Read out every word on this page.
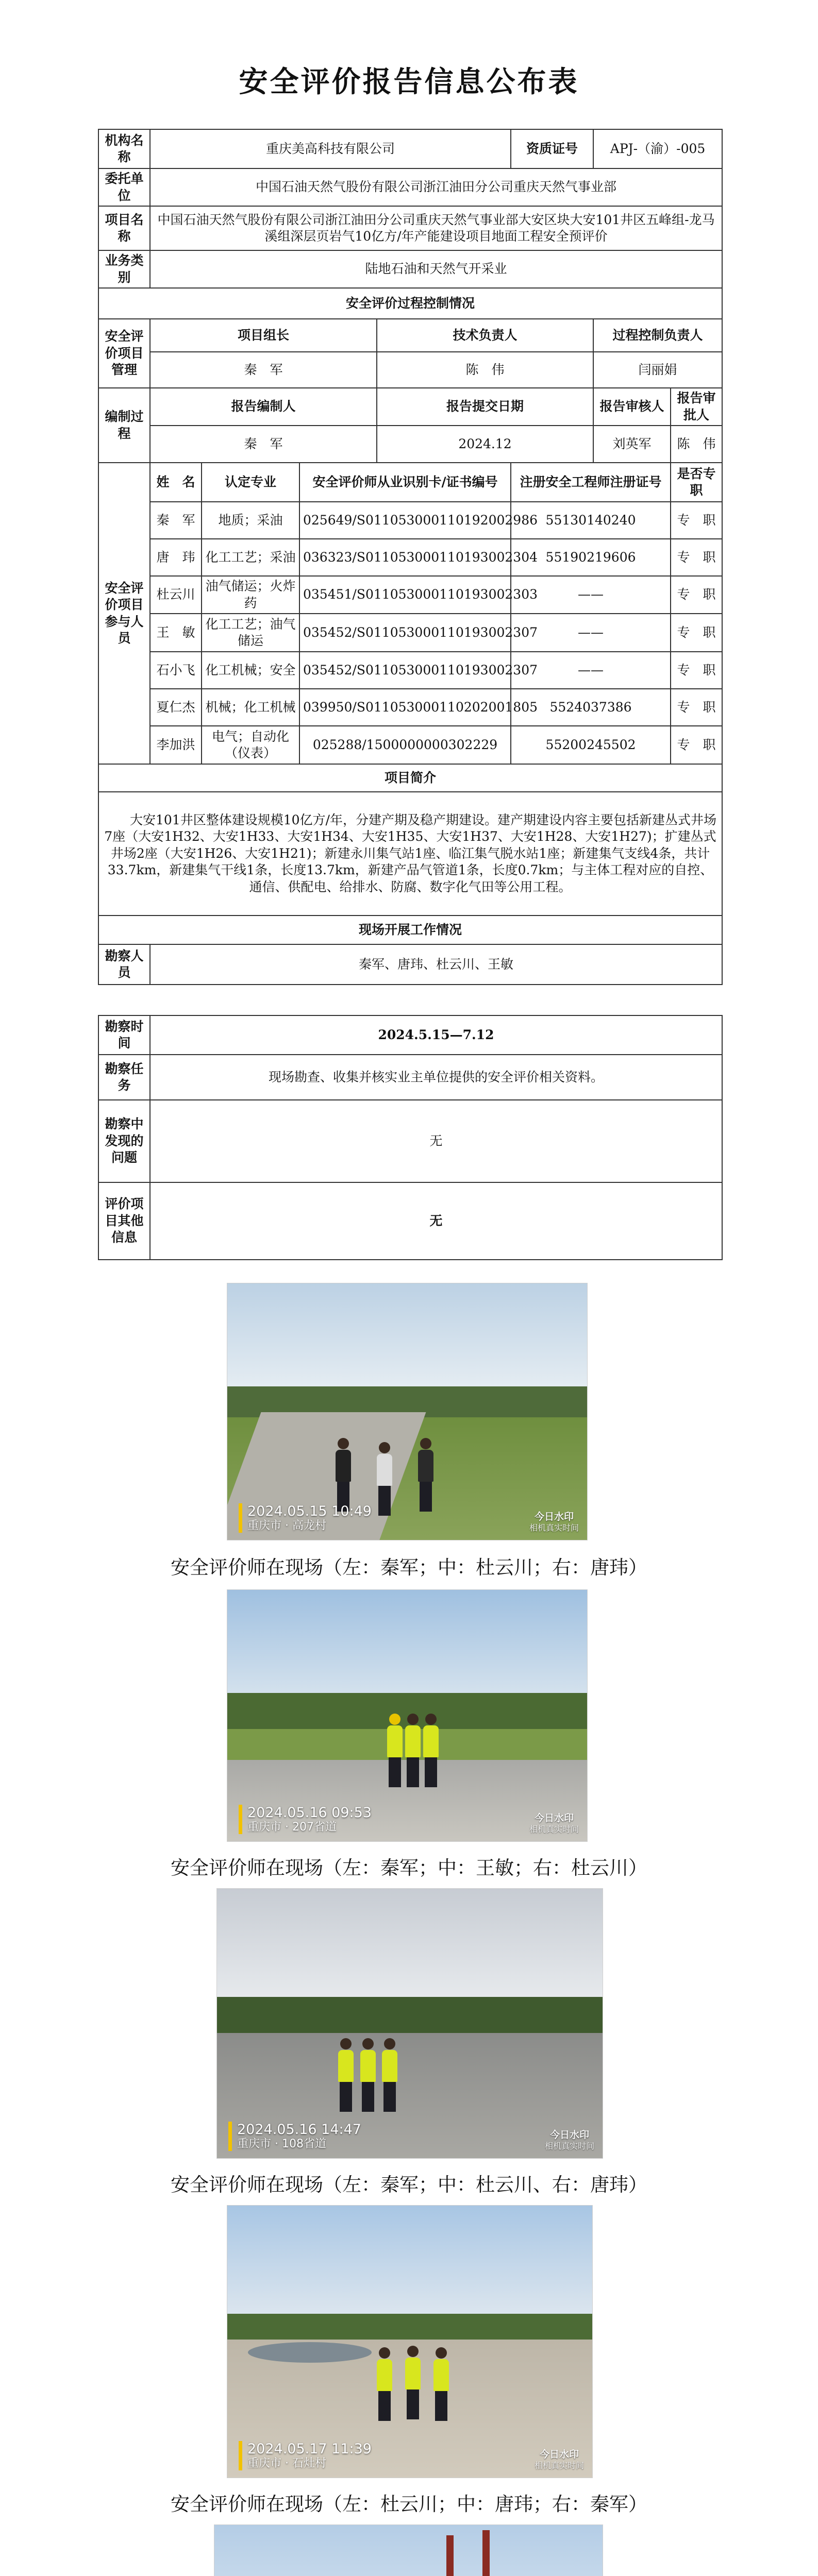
安全评价报告信息公布表
机构名称	重庆美高科技有限公司				资质证号	APJ-（渝）-005	
委托单位	中国石油天然气股份有限公司浙江油田分公司重庆天然气事业部						
项目名称	中国石油天然气股份有限公司浙江油田分公司重庆天然气事业部大安区块大安101井区五峰组-龙马溪组深层页岩气10亿方/年产能建设项目地面工程安全预评价						
业务类别	陆地石油和天然气开采业						
安全评价过程控制情况							
安全评价项目管理	项目组长			技术负责人		过程控制负责人	
	秦　军			陈　伟		闫丽娟	
编制过程	报告编制人			报告提交日期		报告审核人	报告审批人
	秦　军			2024.12		刘英军	陈　伟
安全评价项目参与人员	姓　名	认定专业	安全评价师从业识别卡/证书编号		注册安全工程师注册证号		是否专职
	秦　军	地质；采油	025649/S011053000110192002986		55130140240		专　职
	唐　玮	化工工艺；采油	036323/S011053000110193002304		55190219606		专　职
	杜云川	油气储运；火炸药	035451/S011053000110193002303		——		专　职
	王　敏	化工工艺；油气储运	035452/S011053000110193002307		——		专　职
	石小飞	化工机械；安全	035452/S011053000110193002307		——		专　职
	夏仁杰	机械；化工机械	039950/S011053000110202001805		5524037386		专　职
	李加洪	电气；自动化（仪表）	025288/1500000000302229		55200245502		专　职
项目简介							
大安101井区整体建设规模10亿方/年，分建产期及稳产期建设。建产期建设内容主要包括新建丛式井场7座（大安1H32、大安1H33、大安1H34、大安1H35、大安1H37、大安1H28、大安1H27)；扩建丛式井场2座（大安1H26、大安1H21)；新建永川集气站1座、临江集气脱水站1座；新建集气支线4条，共计33.7km，新建集气干线1条，长度13.7km，新建产品气管道1条，长度0.7km；与主体工程对应的自控、通信、供配电、给排水、防腐、数字化气田等公用工程。							
现场开展工作情况							
勘察人员	秦军、唐玮、杜云川、王敏						
勘察时间	2024.5.15—7.12
勘察任务	现场勘查、收集并核实业主单位提供的安全评价相关资料。
勘察中发现的问题	无
评价项目其他信息	无
2024.05.15 10:49
重庆市 · 高龙村
今日水印
相机真实时间
安全评价师在现场（左：秦军；中：杜云川；右：唐玮）
2024.05.16 09:53
重庆市 · 207省道
今日水印
相机真实时间
安全评价师在现场（左：秦军；中：王敏；右：杜云川）
2024.05.16 14:47
重庆市 · 108省道
今日水印
相机真实时间
安全评价师在现场（左：秦军；中：杜云川、右：唐玮）
2024.05.17 11:39
重庆市 · 石灶村
今日水印
相机真实时间
安全评价师在现场（左：杜云川；中：唐玮；右：秦军）
